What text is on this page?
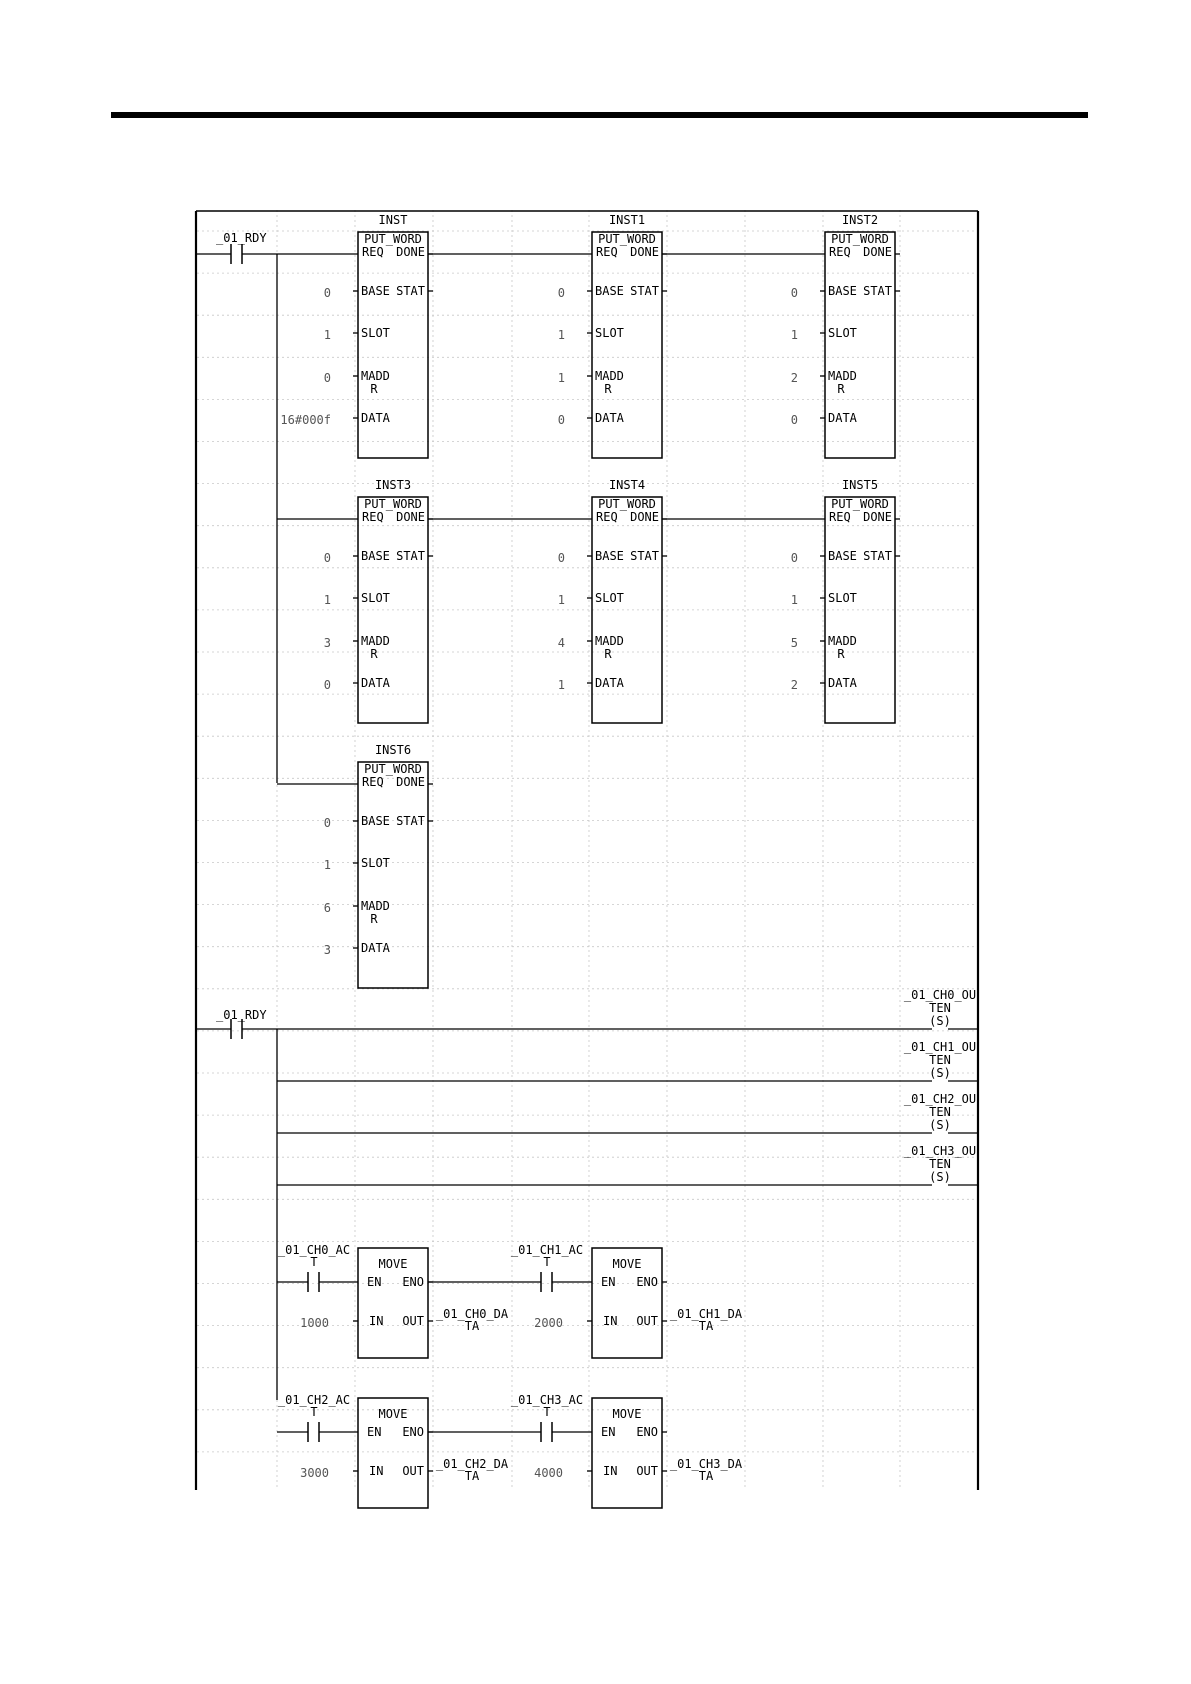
_01_RDY
INST
PUT_WORD
REQ DONE
BASE STAT
0
SLOT
1
MADD
R
0
DATA
16#000f
INST1
PUT_WORD
REQ DONE
BASE STAT
0
SLOT
1
MADD
R
1
DATA
0
INST2
PUT_WORD
REQ DONE
BASE STAT
0
SLOT
1
MADD
R
2
DATA
0
INST3
PUT_WORD
REQ DONE
BASE STAT
0
SLOT
1
MADD
R
3
DATA
0
INST4
PUT_WORD
REQ DONE
BASE STAT
0
SLOT
1
MADD
R
4
DATA
1
INST5
PUT_WORD
REQ DONE
BASE STAT
0
SLOT
1
MADD
R
5
DATA
2
INST6
PUT_WORD
REQ DONE
BASE STAT
0
SLOT
1
MADD
R
6
DATA
3
_01_RDY	(S)
_01_CH0_OU
TEN
(S)
_01_CH1_OU
TEN
(S)
_01_CH2_OU
TEN
(S)
_01_CH3_OU
TEN
_01_CH0_AC
T	MOVE
EN ENO
IN OUT
1000
_01_CH0_DA
TA
_01_CH1_AC
T	MOVE
EN ENO
IN OUT
2000
_01_CH1_DA
TA
_01_CH2_AC
T	MOVE
EN ENO
IN OUT
3000
_01_CH2_DA
TA
_01_CH3_AC
T	MOVE
EN ENO
IN OUT
4000
_01_CH3_DA
TA
